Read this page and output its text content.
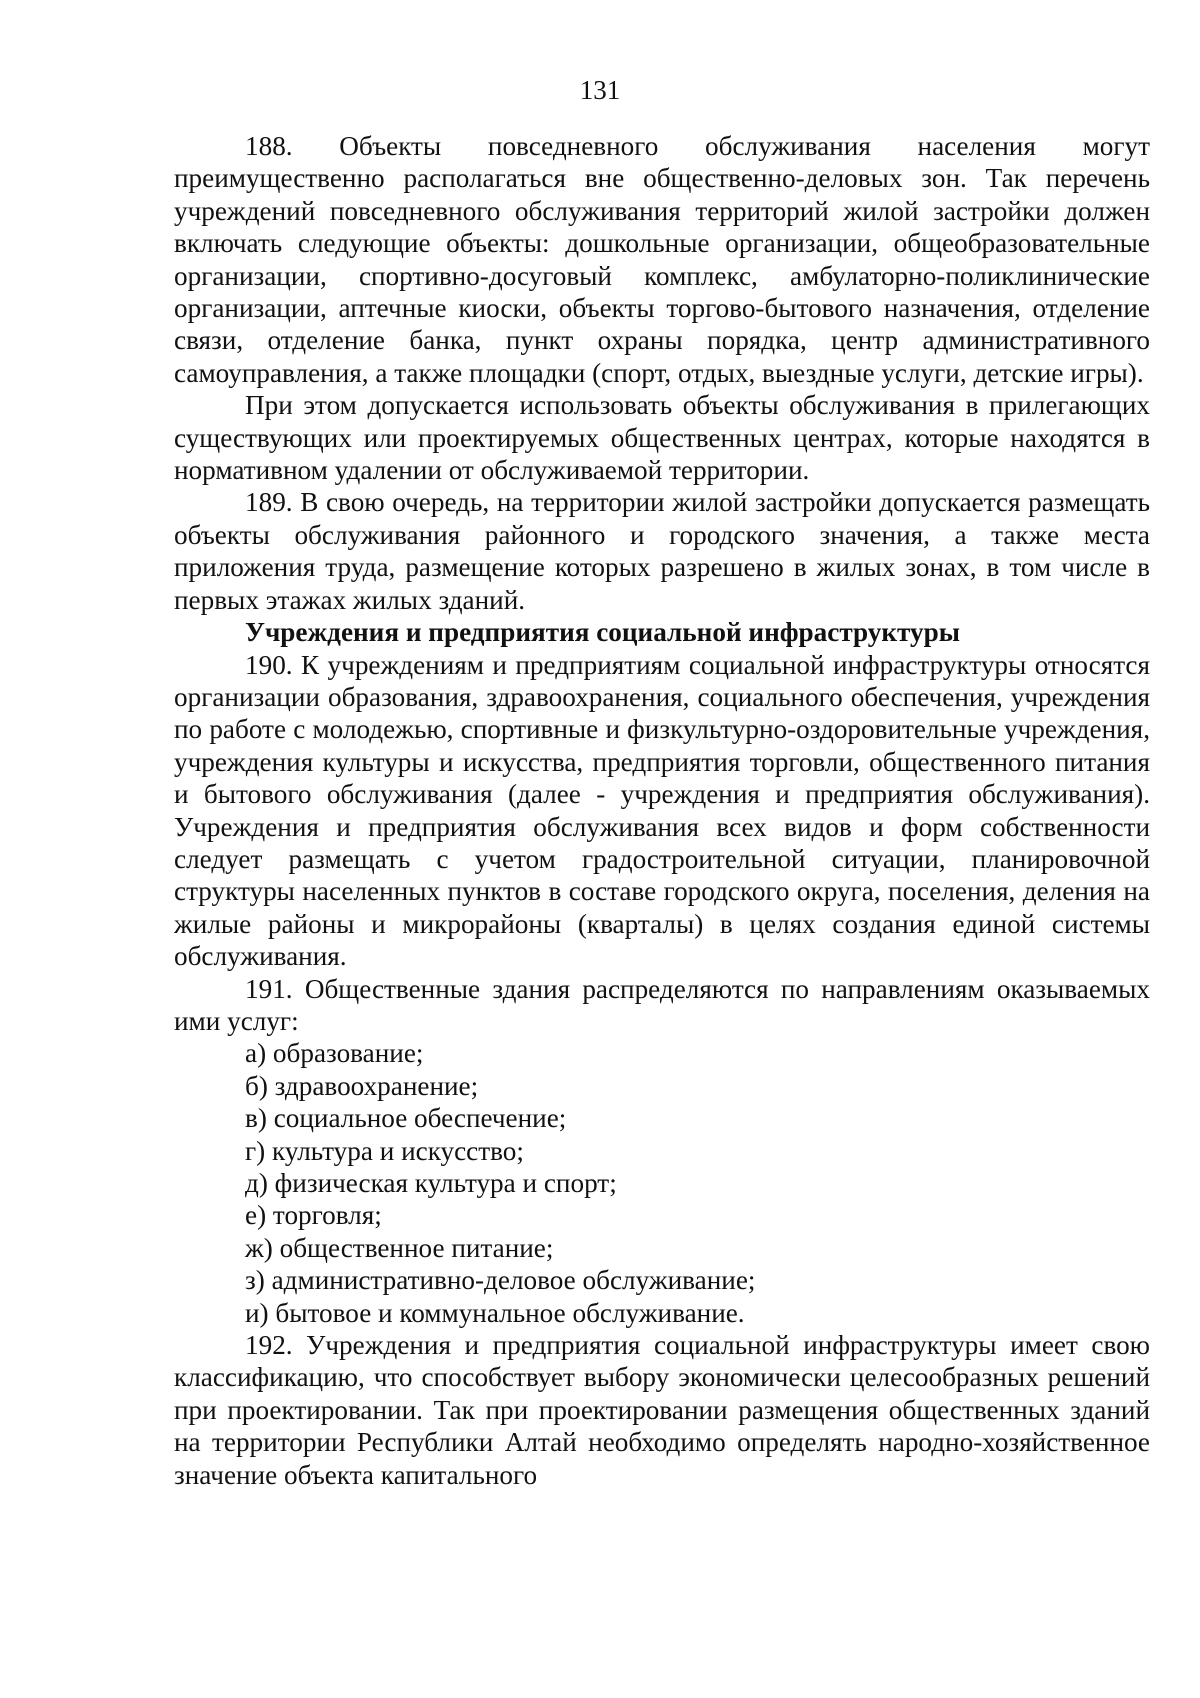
131

188. Объекты повседневного обслуживания населения могут преимущественно располагаться вне общественно-деловых зон. Так перечень учреждений повседневного обслуживания территорий жилой застройки должен включать следующие объекты: дошкольные организации, общеобразовательные организации, спортивно-досуговый комплекс, амбулаторно-поликлинические организации, аптечные киоски, объекты торгово-бытового назначения, отделение связи, отделение банка, пункт охраны порядка, центр административного самоуправления, а также площадки (спорт, отдых, выездные услуги, детские игры).

При этом допускается использовать объекты обслуживания в прилегающих существующих или проектируемых общественных центрах, которые находятся в нормативном удалении от обслуживаемой территории.

189. В свою очередь, на территории жилой застройки допускается размещать объекты обслуживания районного и городского значения, а также места приложения труда, размещение которых разрешено в жилых зонах, в том числе в первых этажах жилых зданий.

Учреждения и предприятия социальной инфраструктуры

190. К учреждениям и предприятиям социальной инфраструктуры относятся организации образования, здравоохранения, социального обеспечения, учреждения по работе с молодежью, спортивные и физкультурно-оздоровительные учреждения, учреждения культуры и искусства, предприятия торговли, общественного питания и бытового обслуживания (далее - учреждения и предприятия обслуживания). Учреждения и предприятия обслуживания всех видов и форм собственности следует размещать с учетом градостроительной ситуации, планировочной структуры населенных пунктов в составе городского округа, поселения, деления на жилые районы и микрорайоны (кварталы) в целях создания единой системы обслуживания.

191. Общественные здания распределяются по направлениям оказываемых ими услуг:

а) образование;
б) здравоохранение;
в) социальное обеспечение;
г) культура и искусство;
д) физическая культура и спорт;
е) торговля;
ж) общественное питание;
з) административно-деловое обслуживание;
и) бытовое и коммунальное обслуживание.

192. Учреждения и предприятия социальной инфраструктуры имеет свою классификацию, что способствует выбору экономически целесообразных решений при проектировании. Так при проектировании размещения общественных зданий на территории Республики Алтай необходимо определять народно-хозяйственное значение объекта капитального
